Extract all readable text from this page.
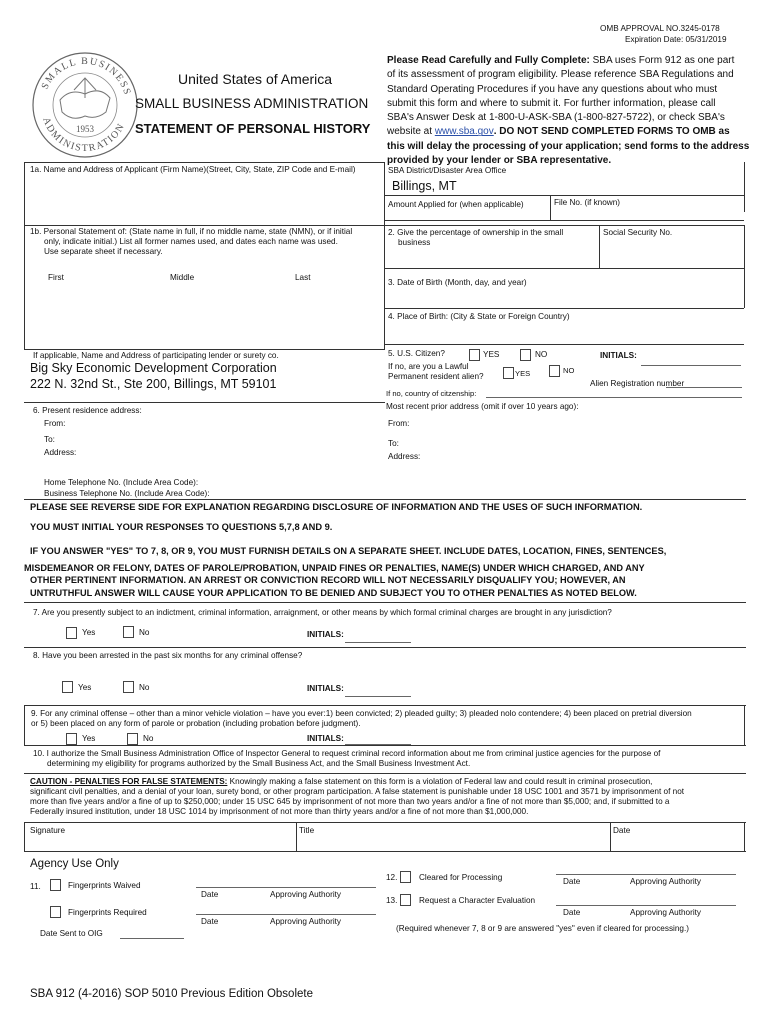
OMB APPROVAL NO.3245-0178
Expiration Date: 05/31/2019
SMALL BUSINESS
ADMINISTRATION
1953
United States of America
SMALL BUSINESS ADMINISTRATION
STATEMENT OF PERSONAL HISTORY
Please Read Carefully and Fully Complete: SBA uses Form 912 as one part
of its assessment of program eligibility. Please reference SBA Regulations and
Standard Operating Procedures if you have any questions about who must
submit this form and where to submit it. For further information, please call
SBA's Answer Desk at 1-800-U-ASK-SBA (1-800-827-5722), or check SBA's
website at www.sba.gov. DO NOT SEND COMPLETED FORMS TO OMB as
this will delay the processing of your application; send forms to the address
provided by your lender or SBA representative.
1a. Name and Address of Applicant (Firm Name)(Street, City, State, ZIP Code and E-mail)	SBA District/Disaster Area Office
Billings, MT
Amount Applied for (when applicable)	File No. (if known)
1b. Personal Statement of: (State name in full, if no middle name, state (NMN), or if initial
only, indicate initial.) List all former names used, and dates each name was used.
Use separate sheet if necessary.
First	Middle	Last
2. Give the percentage of ownership in the small
business
Social Security No.
3. Date of Birth (Month, day, and year)
4. Place of Birth: (City & State or Foreign Country)
If applicable, Name and Address of participating lender or surety co.
Big Sky Economic Development Corporation
222 N. 32nd St., Ste 200, Billings, MT 59101
5. U.S. Citizen?	YES	NO	INITIALS:
If no, are you a Lawful
Permanent resident alien?	YES	NO
Alien Registration number
If no, country of citzenship:
6. Present residence address:
From:
To:
Address:
Most recent prior address (omit if over 10 years ago):
From:
To:
Address:
Home Telephone No. (Include Area Code):
Business Telephone No. (Include Area Code):
PLEASE SEE REVERSE SIDE FOR EXPLANATION REGARDING DISCLOSURE OF INFORMATION AND THE USES OF SUCH INFORMATION.
YOU MUST INITIAL YOUR RESPONSES TO QUESTIONS 5,7,8 AND 9.
IF YOU ANSWER "YES" TO 7, 8, OR 9, YOU MUST FURNISH DETAILS ON A SEPARATE SHEET. INCLUDE DATES, LOCATION, FINES, SENTENCES,
MISDEMEANOR OR FELONY, DATES OF PAROLE/PROBATION, UNPAID FINES OR PENALTIES, NAME(S) UNDER WHICH CHARGED, AND ANY
OTHER PERTINENT INFORMATION. AN ARREST OR CONVICTION RECORD WILL NOT NECESSARILY DISQUALIFY YOU; HOWEVER, AN
UNTRUTHFUL ANSWER WILL CAUSE YOUR APPLICATION TO BE DENIED AND SUBJECT YOU TO OTHER PENALTIES AS NOTED BELOW.
7. Are you presently subject to an indictment, criminal information, arraignment, or other means by which formal criminal charges are brought in any jurisdiction?
Yes	No	INITIALS:
8. Have you been arrested in the past six months for any criminal offense?
Yes	No	INITIALS:
9. For any criminal offense – other than a minor vehicle violation – have you ever:1) been convicted; 2) pleaded guilty; 3) pleaded nolo contendere; 4) been placed on pretrial diversion
or 5) been placed on any form of parole or probation (including probation before judgment).
Yes	No	INITIALS:
10. I authorize the Small Business Administration Office of Inspector General to request criminal record information about me from criminal justice agencies for the purpose of
determining my eligibility for programs authorized by the Small Business Act, and the Small Business Investment Act.
CAUTION - PENALTIES FOR FALSE STATEMENTS: Knowingly making a false statement on this form is a violation of Federal law and could result in criminal prosecution,
significant civil penalties, and a denial of your loan, surety bond, or other program participation. A false statement is punishable under 18 USC 1001 and 3571 by imprisonment of not
more than five years and/or a fine of up to $250,000; under 15 USC 645 by imprisonment of not more than two years and/or a fine of not more than $5,000; and, if submitted to a
Federally insured institution, under 18 USC 1014 by imprisonment of not more than thirty years and/or a fine of not more than $1,000,000.
Signature	Title	Date
Agency Use Only
11.	Fingerprints Waived
Date	Approving Authority
Fingerprints Required
Date	Approving Authority
Date Sent to OIG
12.	Cleared for Processing	Date	Approving Authority
13.	Request a Character Evaluation
Date	Approving Authority
(Required whenever 7, 8 or 9 are answered "yes" even if cleared for processing.)
SBA 912 (4-2016) SOP 5010 Previous Edition Obsolete
